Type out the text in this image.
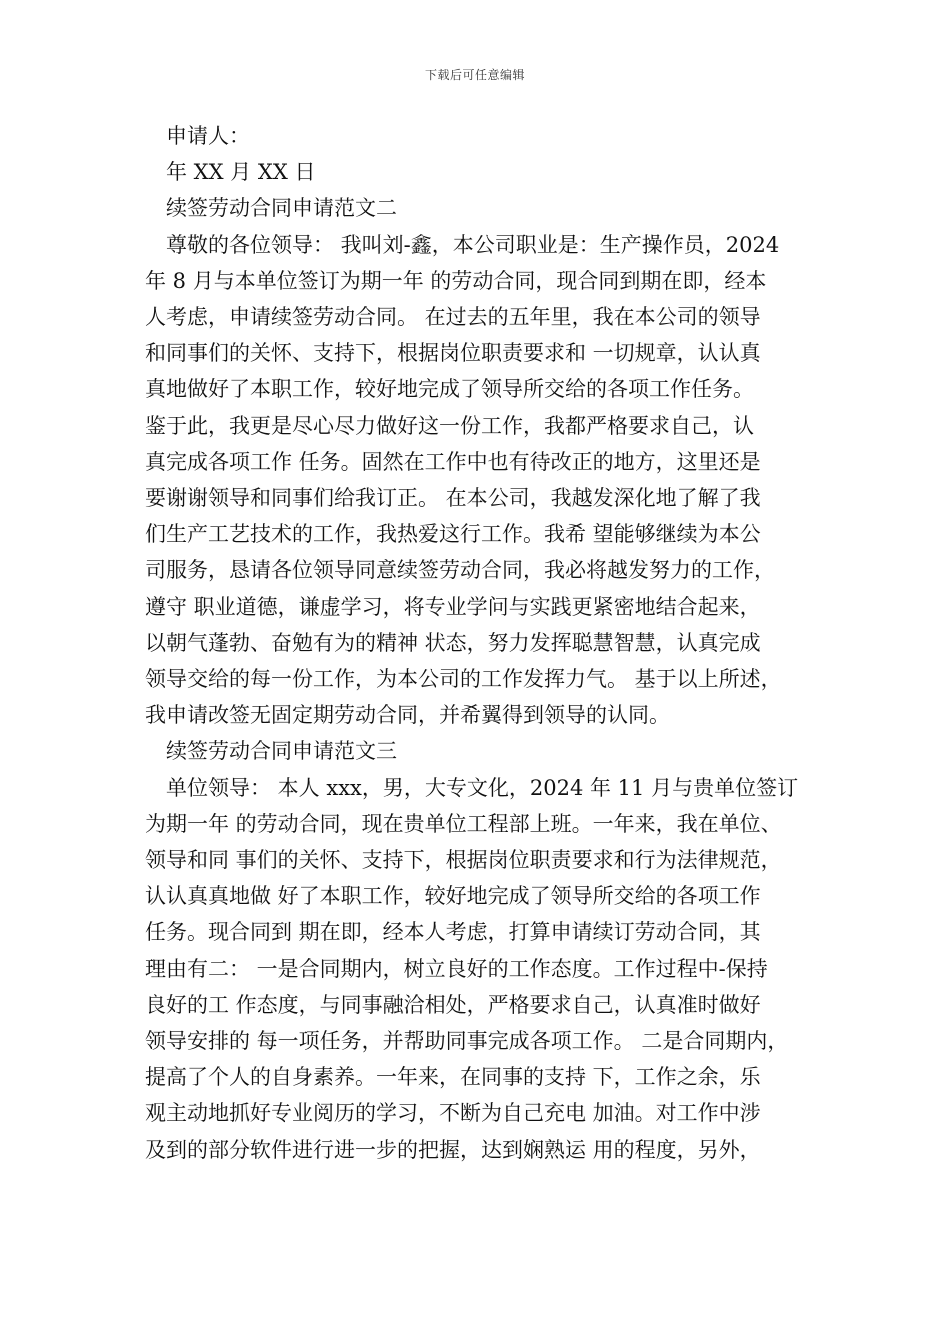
下载后可任意编辑
申请人：
年 XX 月 XX 日
续签劳动合同申请范文二
尊敬的各位领导： 我叫刘-鑫，本公司职业是：生产操作员，2024
年 8 月与本单位签订为期一年 的劳动合同，现合同到期在即，经本
人考虑，申请续签劳动合同。 在过去的五年里，我在本公司的领导
和同事们的关怀、支持下，根据岗位职责要求和 一切规章，认认真
真地做好了本职工作，较好地完成了领导所交给的各项工作任务。
鉴于此，我更是尽心尽力做好这一份工作，我都严格要求自己，认
真完成各项工作 任务。固然在工作中也有待改正的地方，这里还是
要谢谢领导和同事们给我订正。 在本公司，我越发深化地了解了我
们生产工艺技术的工作，我热爱这行工作。我希 望能够继续为本公
司服务，恳请各位领导同意续签劳动合同，我必将越发努力的工作，
遵守 职业道德，谦虚学习，将专业学问与实践更紧密地结合起来，
以朝气蓬勃、奋勉有为的精神 状态，努力发挥聪慧智慧，认真完成
领导交给的每一份工作，为本公司的工作发挥力气。 基于以上所述，
我申请改签无固定期劳动合同，并希翼得到领导的认同。
续签劳动合同申请范文三
单位领导： 本人 xxx，男，大专文化，2024 年 11 月与贵单位签订
为期一年 的劳动合同，现在贵单位工程部上班。一年来，我在单位、
领导和同 事们的关怀、支持下，根据岗位职责要求和行为法律规范，
认认真真地做 好了本职工作，较好地完成了领导所交给的各项工作
任务。现合同到 期在即，经本人考虑，打算申请续订劳动合同，其
理由有二： 一是合同期内，树立良好的工作态度。工作过程中-保持
良好的工 作态度，与同事融洽相处，严格要求自己，认真准时做好
领导安排的 每一项任务，并帮助同事完成各项工作。 二是合同期内，
提高了个人的自身素养。一年来，在同事的支持 下，工作之余，乐
观主动地抓好专业阅历的学习，不断为自己充电 加油。对工作中涉
及到的部分软件进行进一步的把握，达到娴熟运 用的程度，另外，
